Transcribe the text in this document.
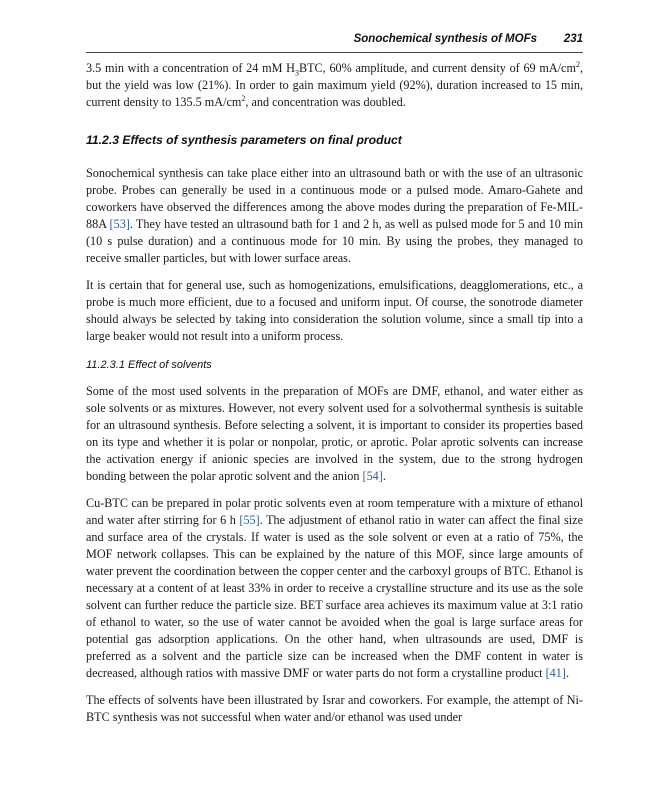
Sonochemical synthesis of MOFs 231

3.5 min with a concentration of 24 mM $H_3BTC$, 60% amplitude, and current density of 69 $mA/cm^2$, but the yield was low (21%). In order to gain maximum yield (92%), duration increased to 15 min, current density to 135.5 $mA/cm^2$, and concentration was doubled.

11.2.3 Effects of synthesis parameters on final product

Sonochemical synthesis can take place either into an ultrasound bath or with the use of an ultrasonic probe. Probes can generally be used in a continuous mode or a pulsed mode. Amaro-Gahete and coworkers have observed the differences among the above modes during the preparation of Fe-MIL-88A [53]. They have tested an ultrasound bath for 1 and 2 h, as well as pulsed mode for 5 and 10 min (10 s pulse duration) and a continuous mode for 10 min. By using the probes, they managed to receive smaller particles, but with lower surface areas.

It is certain that for general use, such as homogenizations, emulsifications, deagglomerations, etc., a probe is much more efficient, due to a focused and uniform input. Of course, the sonotrode diameter should always be selected by taking into consideration the solution volume, since a small tip into a large beaker would not result into a uniform process.

11.2.3.1 Effect of solvents

Some of the most used solvents in the preparation of MOFs are DMF, ethanol, and water either as sole solvents or as mixtures. However, not every solvent used for a solvothermal synthesis is suitable for an ultrasound synthesis. Before selecting a solvent, it is important to consider its properties based on its type and whether it is polar or nonpolar, protic, or aprotic. Polar aprotic solvents can increase the activation energy if anionic species are involved in the system, due to the strong hydrogen bonding between the polar aprotic solvent and the anion [54].

Cu-BTC can be prepared in polar protic solvents even at room temperature with a mixture of ethanol and water after stirring for 6 h [55]. The adjustment of ethanol ratio in water can affect the final size and surface area of the crystals. If water is used as the sole solvent or even at a ratio of 75%, the MOF network collapses. This can be explained by the nature of this MOF, since large amounts of water prevent the coordination between the copper center and the carboxyl groups of BTC. Ethanol is necessary at a content of at least 33% in order to receive a crystalline structure and its use as the sole solvent can further reduce the particle size. BET surface area achieves its maximum value at 3:1 ratio of ethanol to water, so the use of water cannot be avoided when the goal is large surface areas for potential gas adsorption applications. On the other hand, when ultrasounds are used, DMF is preferred as a solvent and the particle size can be increased when the DMF content in water is decreased, although ratios with massive DMF or water parts do not form a crystalline product [41].

The effects of solvents have been illustrated by Israr and coworkers. For example, the attempt of Ni-BTC synthesis was not successful when water and/or ethanol was used under
